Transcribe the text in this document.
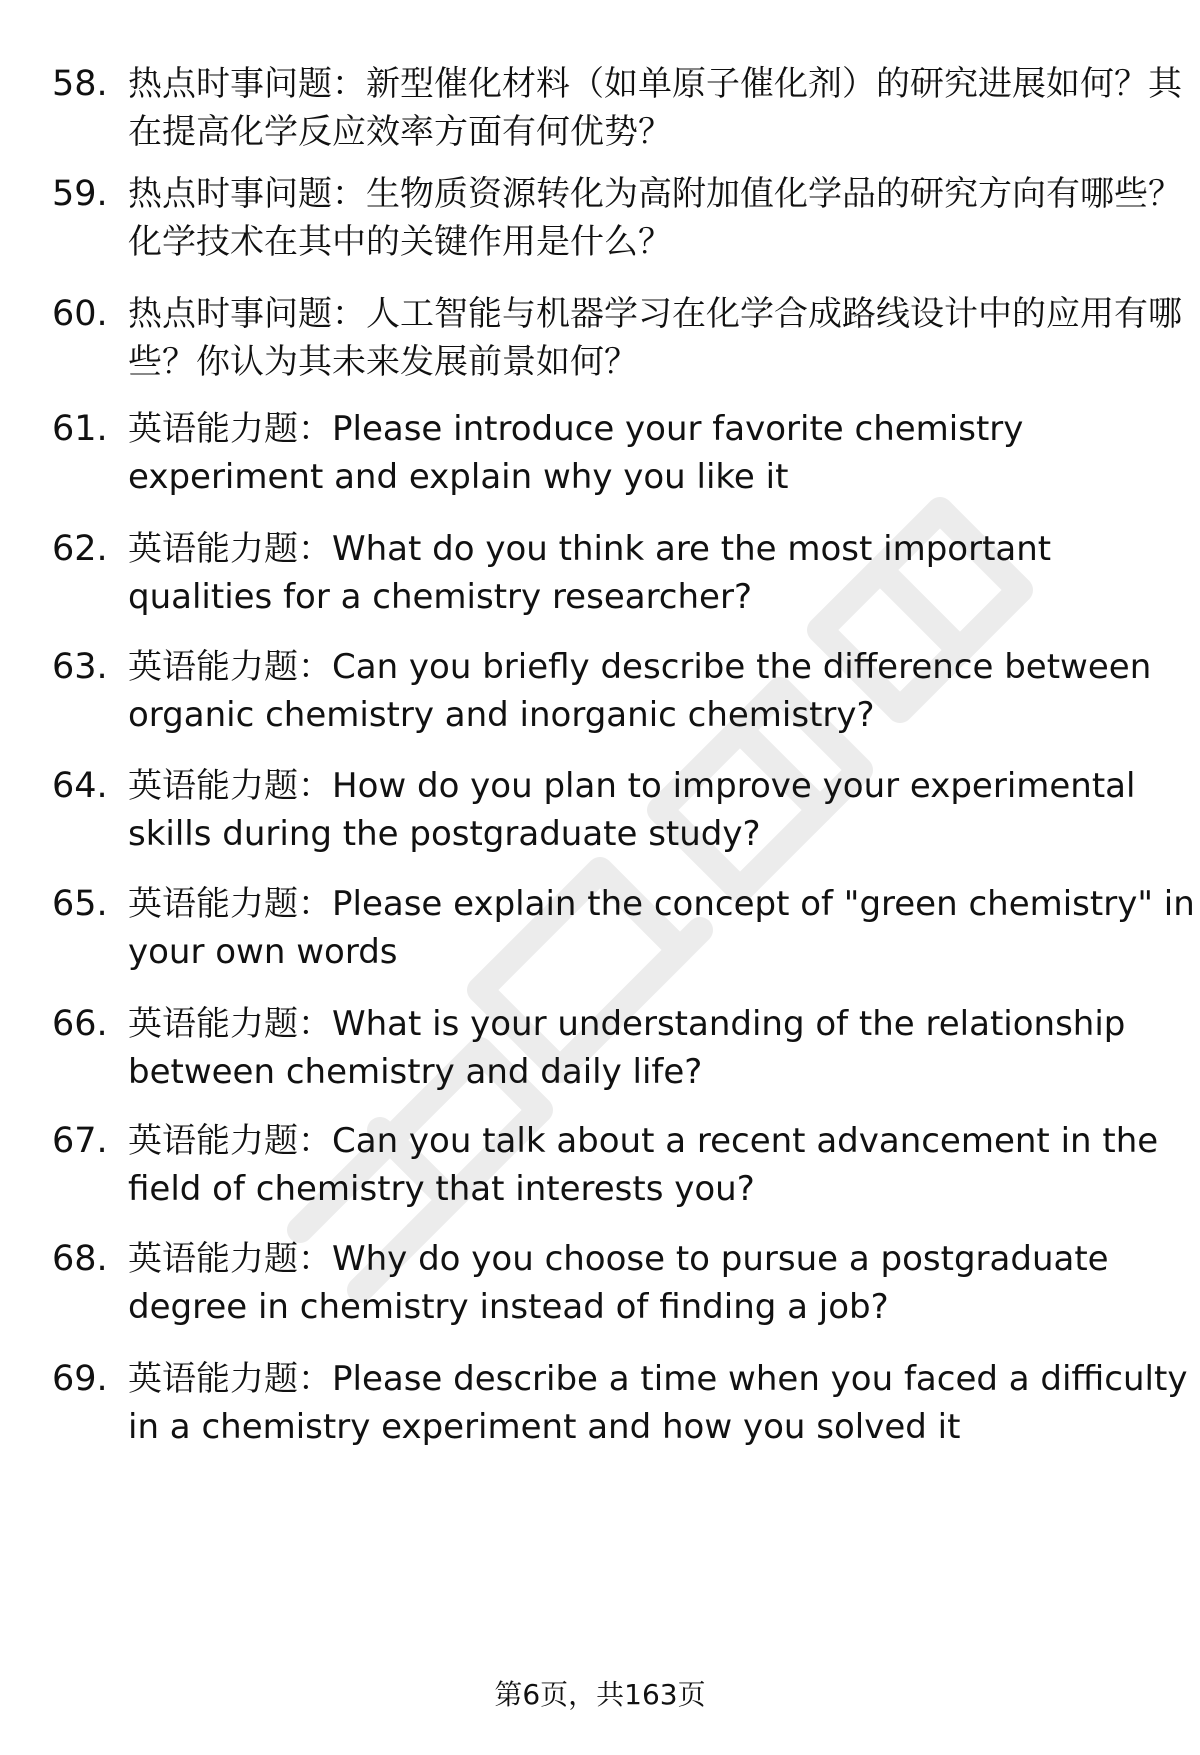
58. 热点时事问题：新型催化材料（如单原子催化剂）的研究进展如何？其在提高化学反应效率方面有何优势？
59. 热点时事问题：生物质资源转化为高附加值化学品的研究方向有哪些？化学技术在其中的关键作用是什么？
60. 热点时事问题：人工智能与机器学习在化学合成路线设计中的应用有哪些？你认为其未来发展前景如何？
61. 英语能力题：Please introduce your favorite chemistry experiment and explain why you like it
62. 英语能力题：What do you think are the most important qualities for a chemistry researcher?
63. 英语能力题：Can you briefly describe the difference between organic chemistry and inorganic chemistry?
64. 英语能力题：How do you plan to improve your experimental skills during the postgraduate study?
65. 英语能力题：Please explain the concept of "green chemistry" in your own words
66. 英语能力题：What is your understanding of the relationship between chemistry and daily life?
67. 英语能力题：Can you talk about a recent advancement in the field of chemistry that interests you?
68. 英语能力题：Why do you choose to pursue a postgraduate degree in chemistry instead of finding a job?
69. 英语能力题：Please describe a time when you faced a difficulty in a chemistry experiment and how you solved it
第6页，共163页
